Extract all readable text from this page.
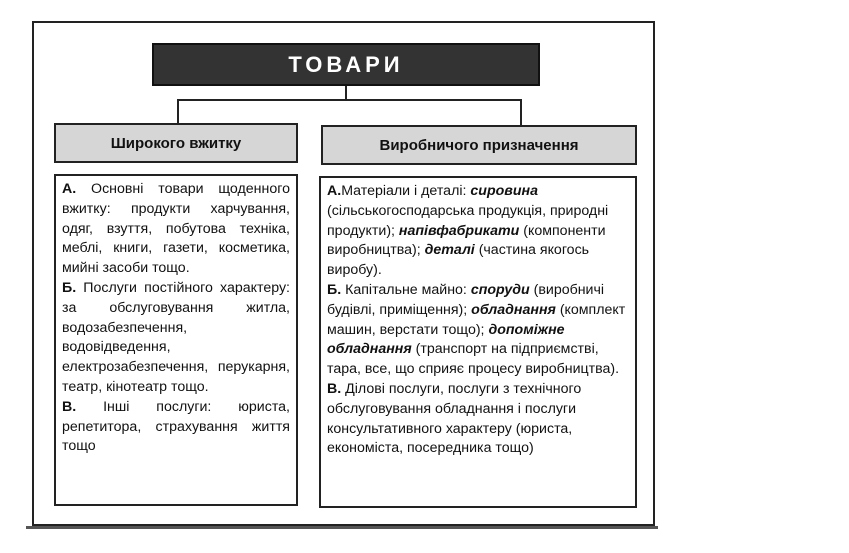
ТОВАРИ
Широкого вжитку	Виробничого призначення

А. Основні товари щоденного вжитку: продукти харчування, одяг, взуття, побутова техніка, меблі, книги, газети, косметика, мийні засоби тощо.

Б. Послуги постійного характеру: за обслуговування житла, водозабезпечення, водовідведення, електрозабезпечення, перукарня, театр, кінотеатр тощо.

В. Інші послуги: юриста, репетитора, страхування життя тощо

А.Матеріали і деталі: сировина (сільськогосподарська продукція, природні продукти); напівфабрикати (компоненти виробництва); деталі (частина якогось виробу).

Б. Капітальне майно: споруди (виробничі будівлі, приміщення); обладнання (комплект машин, верстати тощо); допоміжне обладнання (транспорт на підприємстві, тара, все, що сприяє процесу виробництва).

В. Ділові послуги, послуги з технічного обслуговування обладнання і послуги консультативного характеру (юриста, економіста, посередника тощо)
